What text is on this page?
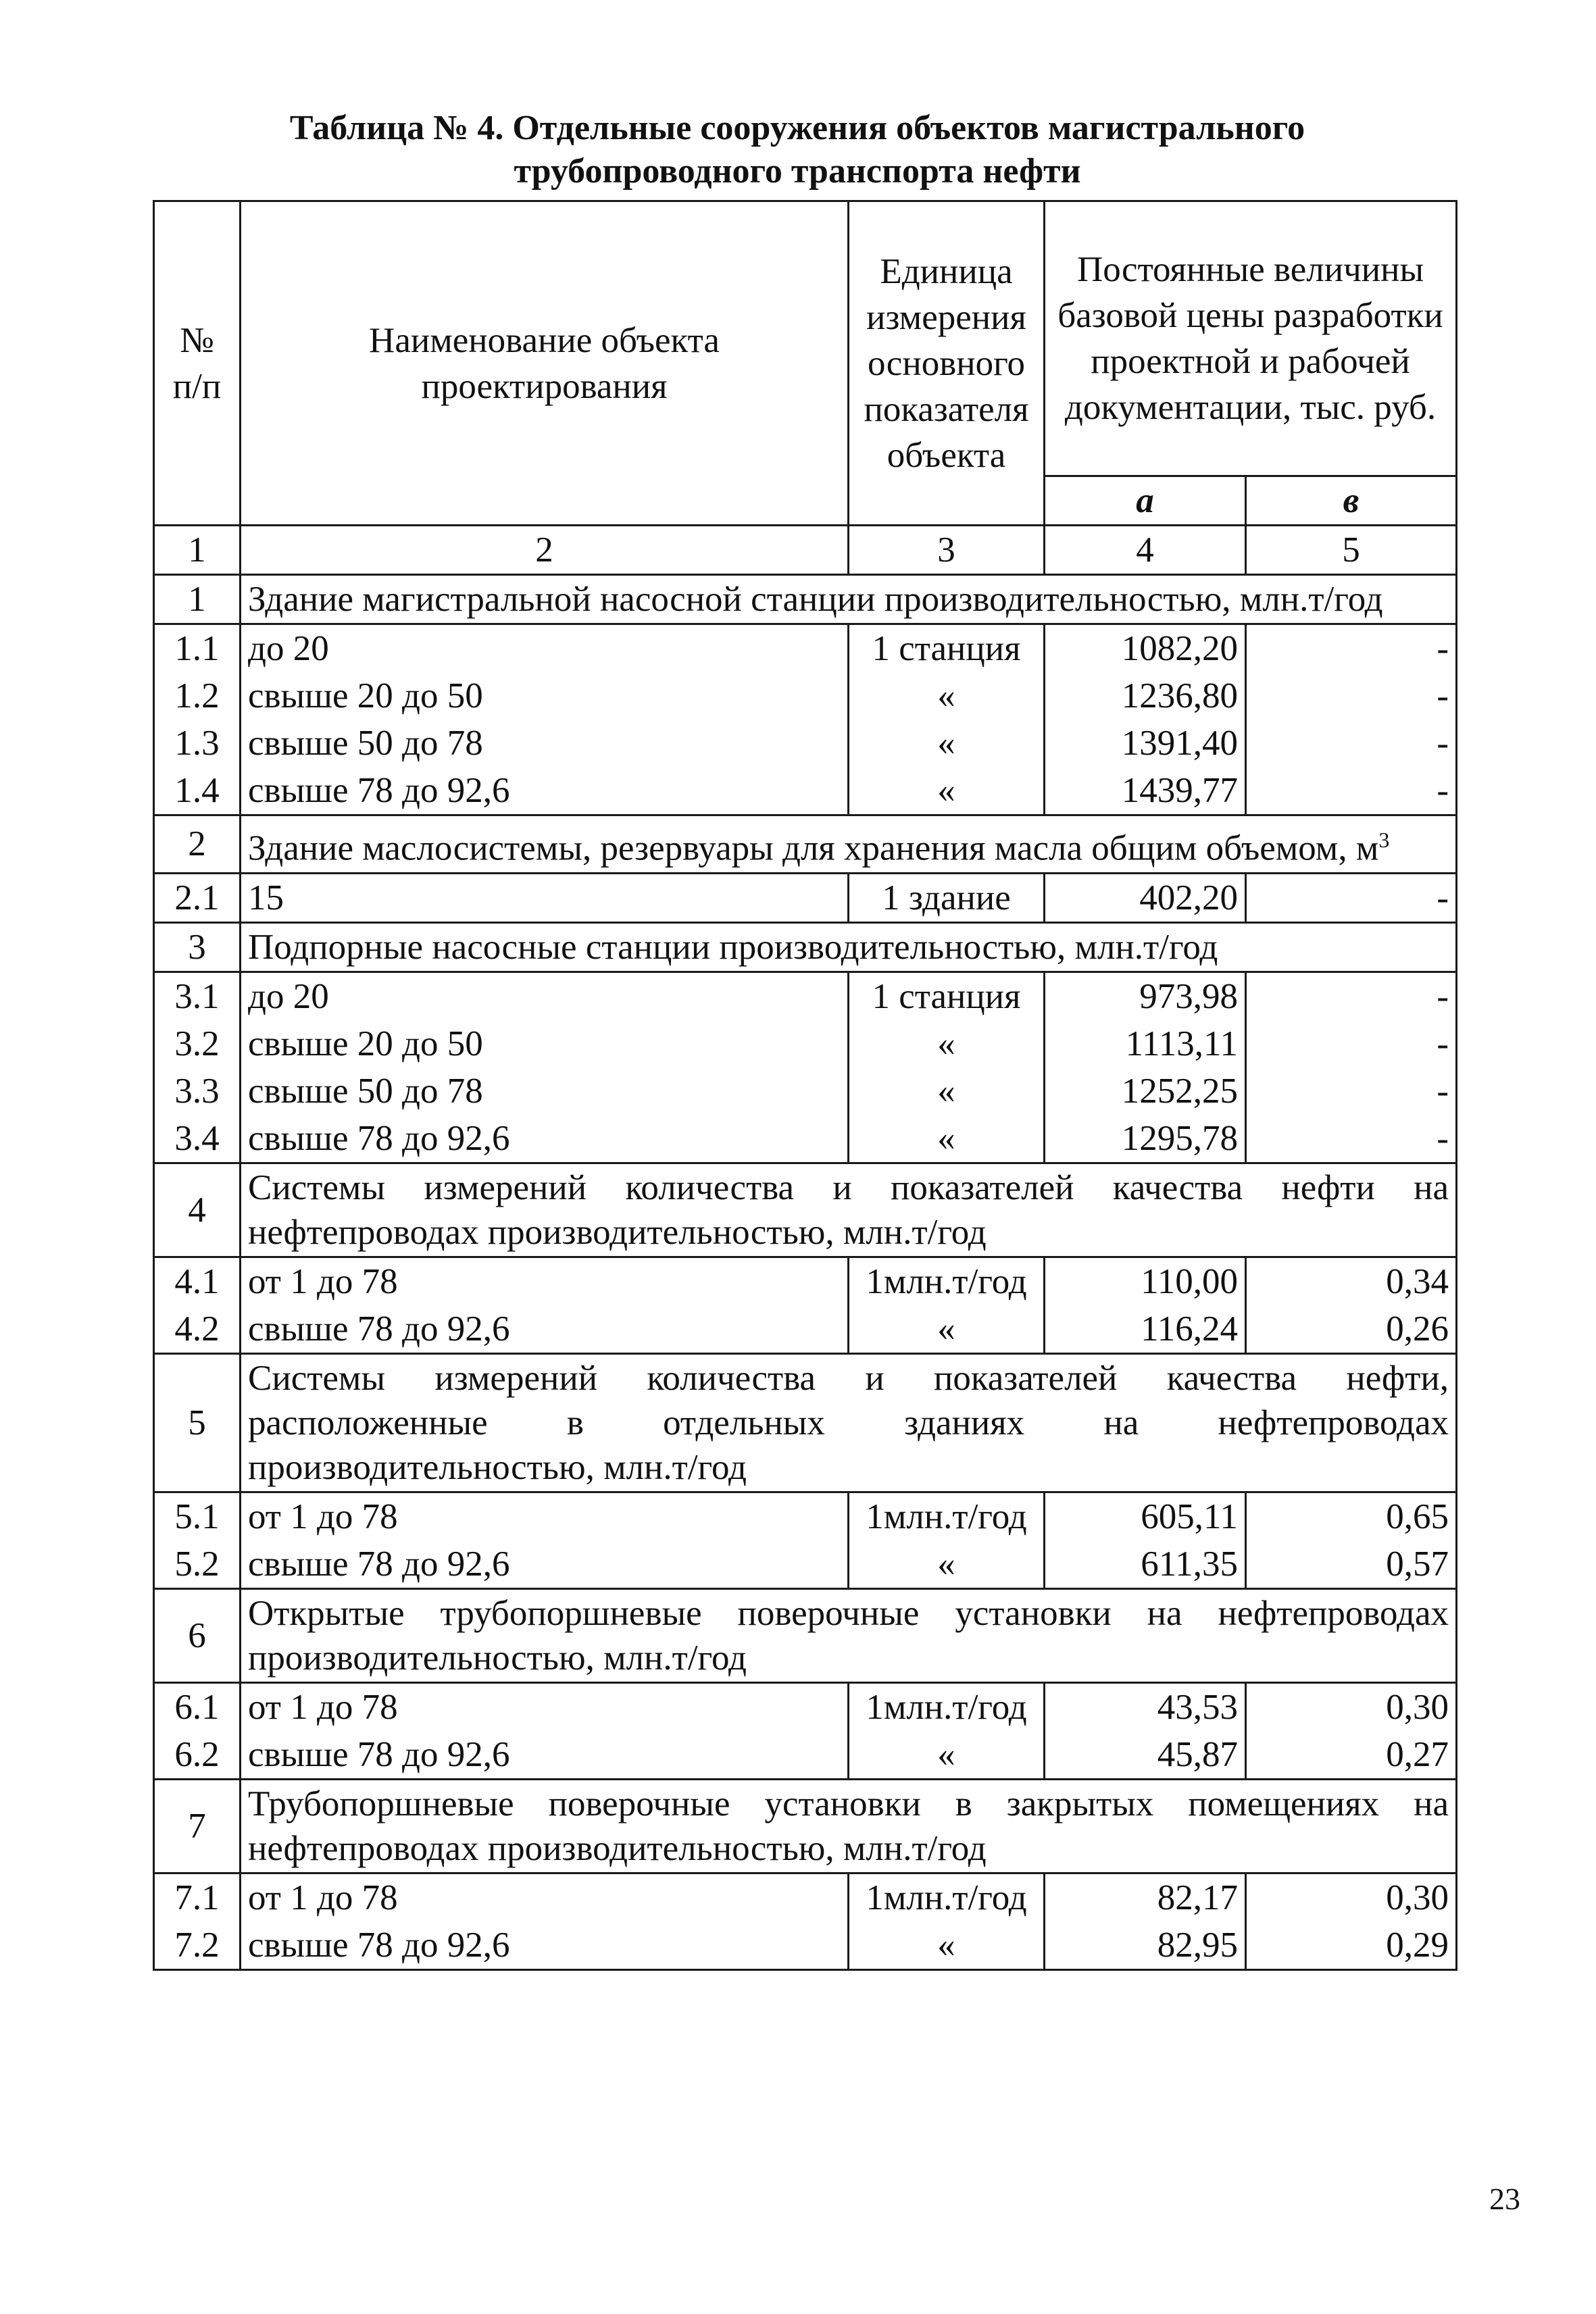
Таблица № 4. Отдельные сооружения объектов магистрального
трубопроводного транспорта нефти
№ п/п	Наименование объекта проектирования	Единица измерения основного показателя объекта	Постоянные величины базовой цены разработки проектной и рабочей документации, тыс. руб.	
			а	в
1	2	3	4	5
1	Здание магистральной насосной станции производительностью, млн.т/год			
1.1	до 20	1 станция	1082,20	-
1.2	свыше 20 до 50	«	1236,80	-
1.3	свыше 50 до 78	«	1391,40	-
1.4	свыше 78 до 92,6	«	1439,77	-
2	Здание маслосистемы, резервуары для хранения масла общим объемом, $м^3$
2.1	15	1 здание	402,20	-
3	Подпорные насосные станции производительностью, млн.т/год			
3.1	до 20	1 станция	973,98	-
3.2	свыше 20 до 50	«	1113,11	-
3.3	свыше 50 до 78	«	1252,25	-
3.4	свыше 78 до 92,6	«	1295,78	-
4	Системы измерений количества и показателей качества нефти на нефтепроводах производительностью, млн.т/год			
4.1	от 1 до 78	1млн.т/год	110,00	0,34
4.2	свыше 78 до 92,6	«	116,24	0,26
5	Системы измерений количества и показателей качества нефти, расположенные в отдельных зданиях на нефтепроводах производительностью, млн.т/год			
5.1	от 1 до 78	1млн.т/год	605,11	0,65
5.2	свыше 78 до 92,6	«	611,35	0,57
6	Открытые трубопоршневые поверочные установки на нефтепроводах производительностью, млн.т/год			
6.1	от 1 до 78	1млн.т/год	43,53	0,30
6.2	свыше 78 до 92,6	«	45,87	0,27
7	Трубопоршневые поверочные установки в закрытых помещениях на нефтепроводах производительностью, млн.т/год			
7.1	от 1 до 78	1млн.т/год	82,17	0,30
7.2	свыше 78 до 92,6	«	82,95	0,29
23
